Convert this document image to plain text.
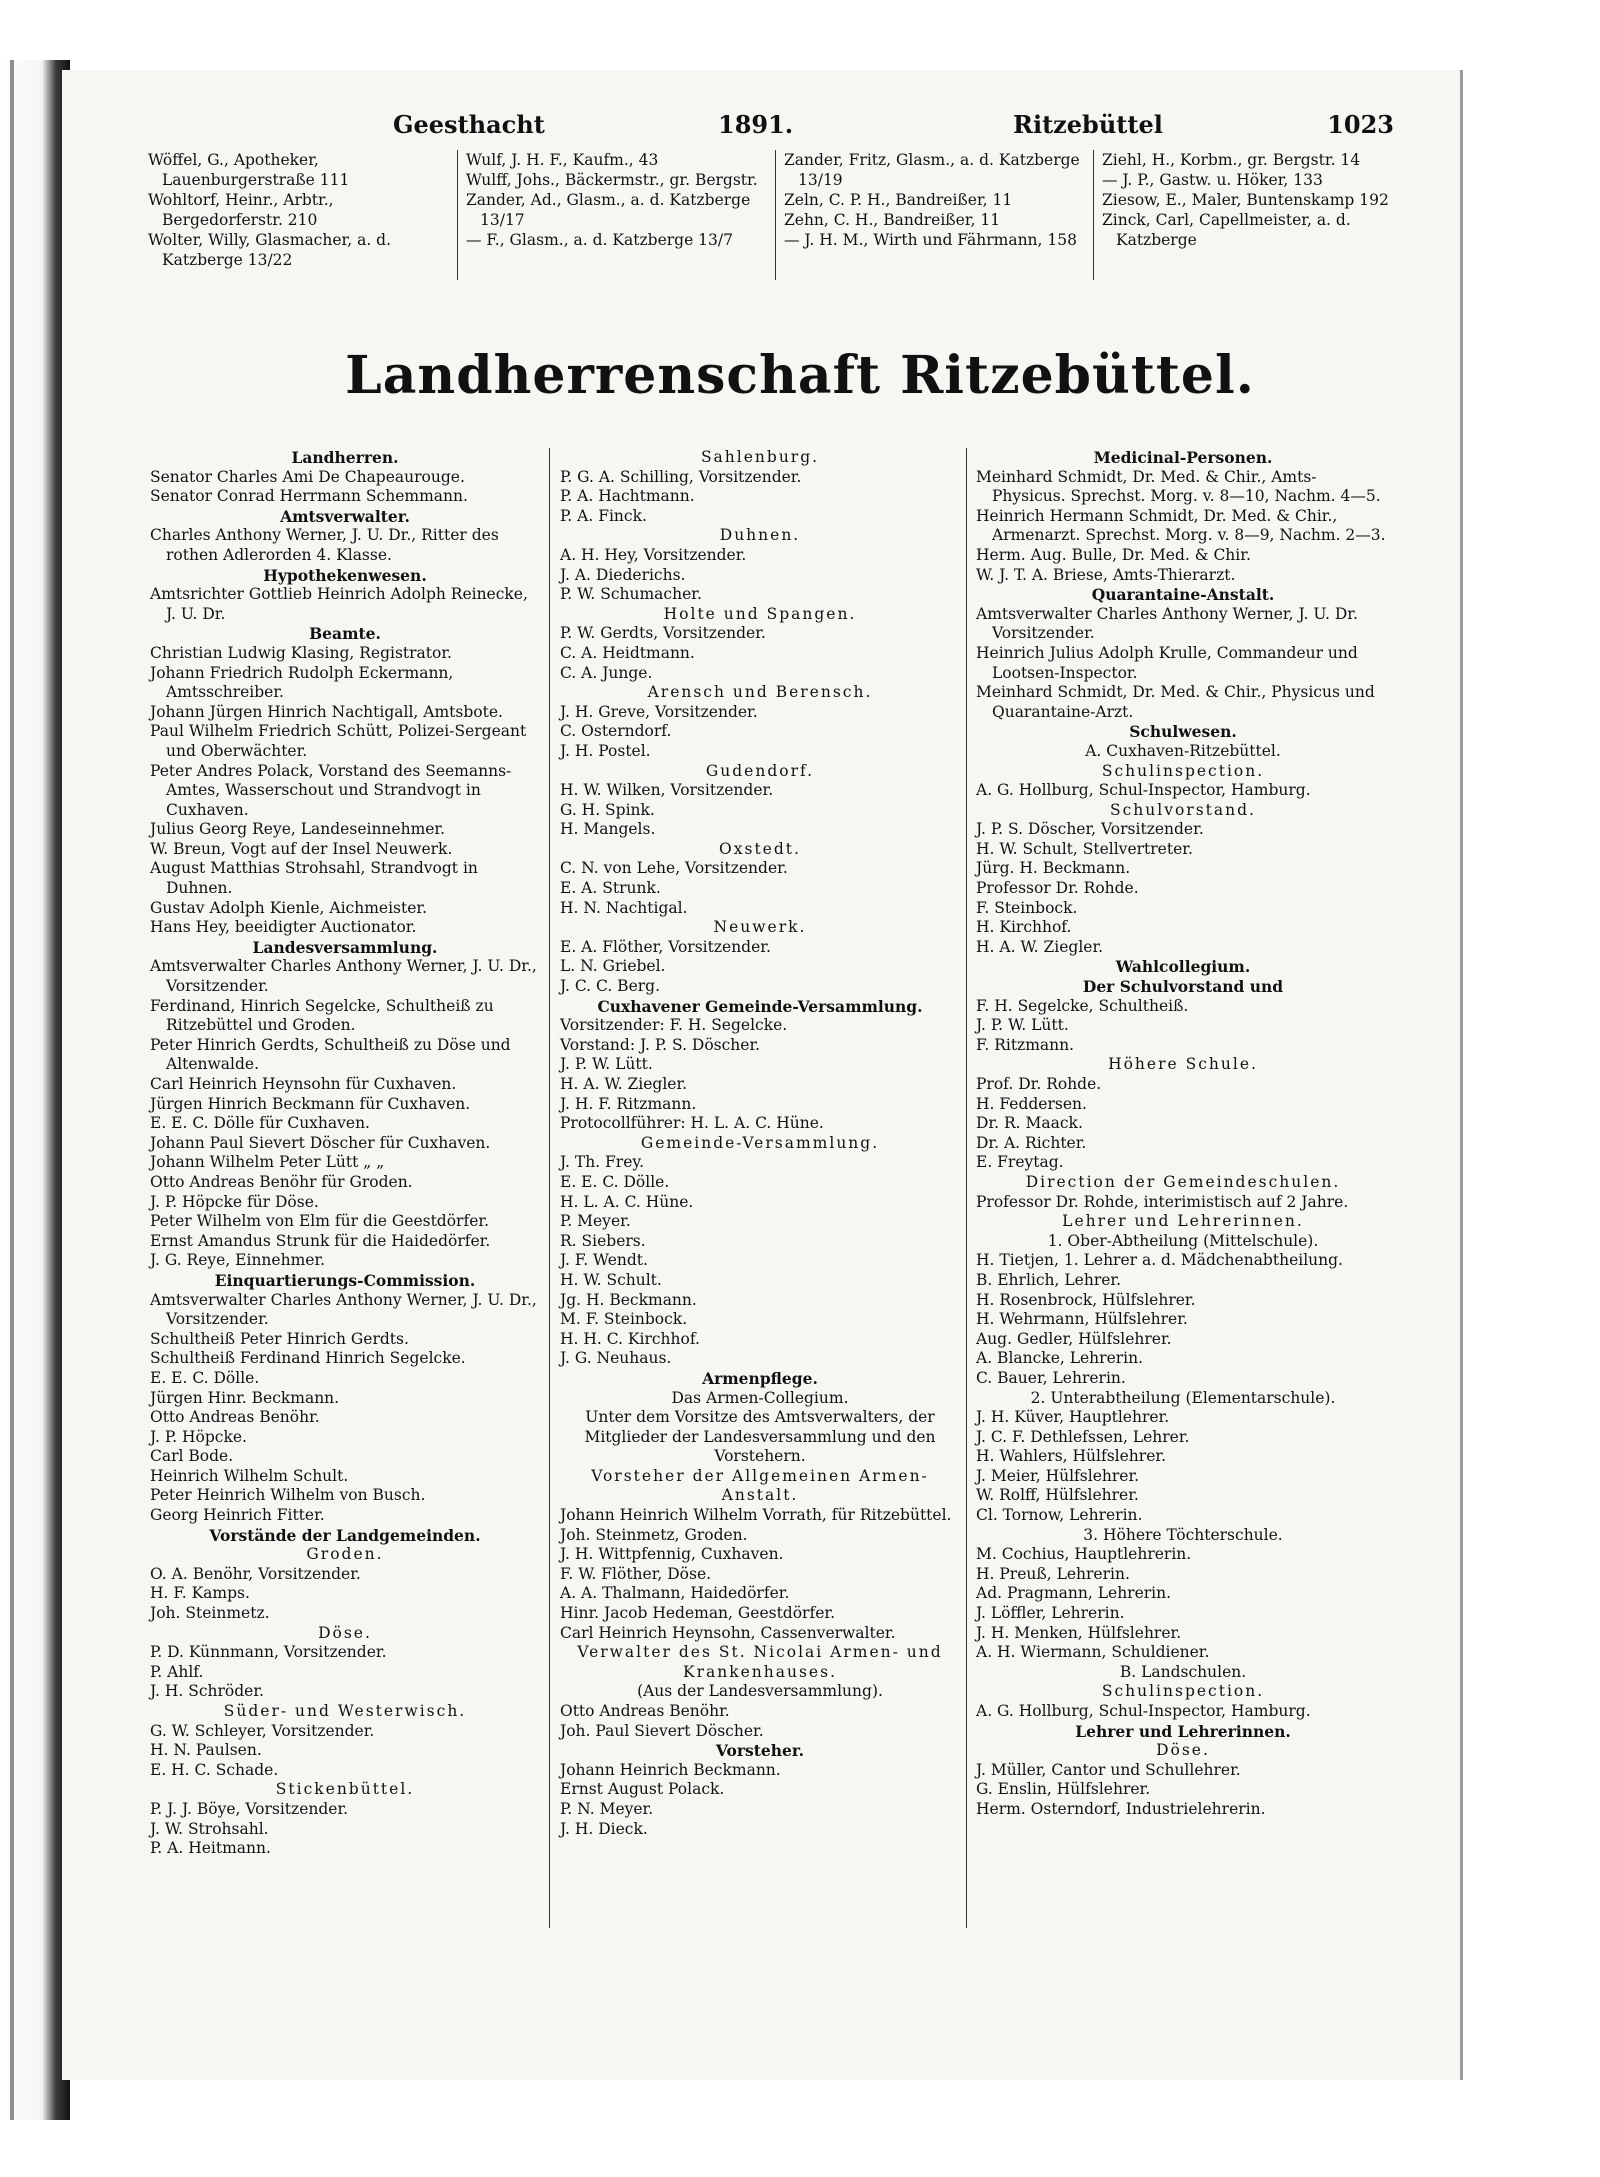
Geesthacht	1891.	Ritzebüttel	1023

Wöffel, G., Apotheker, Lauenburgerstraße 111

Wohltorf, Heinr., Arbtr., Bergedorferstr. 210

Wolter, Willy, Glasmacher, a. d. Katzberge 13/22

Wulf, J. H. F., Kaufm., 43

Wulff, Johs., Bäckermstr., gr. Bergstr.

Zander, Ad., Glasm., a. d. Katzberge 13/17

— F., Glasm., a. d. Katzberge 13/7

Zander, Fritz, Glasm., a. d. Katzberge 13/19

Zeln, C. P. H., Bandreißer, 11

Zehn, C. H., Bandreißer, 11

— J. H. M., Wirth und Fährmann, 158

Ziehl, H., Korbm., gr. Bergstr. 14

— J. P., Gastw. u. Höker, 133

Ziesow, E., Maler, Buntenskamp 192

Zinck, Carl, Capellmeister, a. d. Katzberge

Landherrenschaft Ritzebüttel.

Landherren.

Senator Charles Ami De Chapeaurouge.

Senator Conrad Herrmann Schemmann.

Amtsverwalter.

Charles Anthony Werner, J. U. Dr., Ritter des rothen Adlerorden 4. Klasse.

Hypothekenwesen.

Amtsrichter Gottlieb Heinrich Adolph Reinecke, J. U. Dr.

Beamte.

Christian Ludwig Klasing, Registrator.

Johann Friedrich Rudolph Eckermann, Amtsschreiber.

Johann Jürgen Hinrich Nachtigall, Amtsbote.

Paul Wilhelm Friedrich Schütt, Polizei-Sergeant und Oberwächter.

Peter Andres Polack, Vorstand des Seemanns-Amtes, Wasserschout und Strandvogt in Cuxhaven.

Julius Georg Reye, Landeseinnehmer.

W. Breun, Vogt auf der Insel Neuwerk.

August Matthias Strohsahl, Strandvogt in Duhnen.

Gustav Adolph Kienle, Aichmeister.

Hans Hey, beeidigter Auctionator.

Landesversammlung.

Amtsverwalter Charles Anthony Werner, J. U. Dr., Vorsitzender.

Ferdinand, Hinrich Segelcke, Schultheiß zu Ritzebüttel und Groden.

Peter Hinrich Gerdts, Schultheiß zu Döse und Altenwalde.

Carl Heinrich Heynsohn für Cuxhaven.

Jürgen Hinrich Beckmann für Cuxhaven.

E. E. C. Dölle für Cuxhaven.

Johann Paul Sievert Döscher für Cuxhaven.

Johann Wilhelm Peter Lütt „ „

Otto Andreas Benöhr für Groden.

J. P. Höpcke für Döse.

Peter Wilhelm von Elm für die Geestdörfer.

Ernst Amandus Strunk für die Haidedörfer.

J. G. Reye, Einnehmer.

Einquartierungs-Commission.

Amtsverwalter Charles Anthony Werner, J. U. Dr., Vorsitzender.

Schultheiß Peter Hinrich Gerdts.

Schultheiß Ferdinand Hinrich Segelcke.

E. E. C. Dölle.

Jürgen Hinr. Beckmann.

Otto Andreas Benöhr.

J. P. Höpcke.

Carl Bode.

Heinrich Wilhelm Schult.

Peter Heinrich Wilhelm von Busch.

Georg Heinrich Fitter.

Vorstände der Landgemeinden.

Groden.

O. A. Benöhr, Vorsitzender.

H. F. Kamps.

Joh. Steinmetz.

Döse.

P. D. Künnmann, Vorsitzender.

P. Ahlf.

J. H. Schröder.

Süder- und Westerwisch.

G. W. Schleyer, Vorsitzender.

H. N. Paulsen.

E. H. C. Schade.

Stickenbüttel.

P. J. J. Böye, Vorsitzender.

J. W. Strohsahl.

P. A. Heitmann.

Sahlenburg.

P. G. A. Schilling, Vorsitzender.

P. A. Hachtmann.

P. A. Finck.

Duhnen.

A. H. Hey, Vorsitzender.

J. A. Diederichs.

P. W. Schumacher.

Holte und Spangen.

P. W. Gerdts, Vorsitzender.

C. A. Heidtmann.

C. A. Junge.

Arensch und Berensch.

J. H. Greve, Vorsitzender.

C. Osterndorf.

J. H. Postel.

Gudendorf.

H. W. Wilken, Vorsitzender.

G. H. Spink.

H. Mangels.

Oxstedt.

C. N. von Lehe, Vorsitzender.

E. A. Strunk.

H. N. Nachtigal.

Neuwerk.

E. A. Flöther, Vorsitzender.

L. N. Griebel.

J. C. C. Berg.

Cuxhavener Gemeinde-Versammlung.

Vorsitzender: F. H. Segelcke.

Vorstand: J. P. S. Döscher.

J. P. W. Lütt.

H. A. W. Ziegler.

J. H. F. Ritzmann.

Protocollführer: H. L. A. C. Hüne.

Gemeinde-Versammlung.

J. Th. Frey.

E. E. C. Dölle.

H. L. A. C. Hüne.

P. Meyer.

R. Siebers.

J. F. Wendt.

H. W. Schult.

Jg. H. Beckmann.

M. F. Steinbock.

H. H. C. Kirchhof.

J. G. Neuhaus.

Armenpflege.

Das Armen-Collegium.

Unter dem Vorsitze des Amtsverwalters, der Mitglieder der Landesversammlung und den Vorstehern.

Vorsteher der Allgemeinen Armen-Anstalt.

Johann Heinrich Wilhelm Vorrath, für Ritzebüttel.

Joh. Steinmetz, Groden.

J. H. Wittpfennig, Cuxhaven.

F. W. Flöther, Döse.

A. A. Thalmann, Haidedörfer.

Hinr. Jacob Hedeman, Geestdörfer.

Carl Heinrich Heynsohn, Cassenverwalter.

Verwalter des St. Nicolai Armen- und Krankenhauses.

(Aus der Landesversammlung).

Otto Andreas Benöhr.

Joh. Paul Sievert Döscher.

Vorsteher.

Johann Heinrich Beckmann.

Ernst August Polack.

P. N. Meyer.

J. H. Dieck.

Medicinal-Personen.

Meinhard Schmidt, Dr. Med. & Chir., Amts-Physicus. Sprechst. Morg. v. 8—10, Nachm. 4—5.

Heinrich Hermann Schmidt, Dr. Med. & Chir., Armenarzt. Sprechst. Morg. v. 8—9, Nachm. 2—3.

Herm. Aug. Bulle, Dr. Med. & Chir.

W. J. T. A. Briese, Amts-Thierarzt.

Quarantaine-Anstalt.

Amtsverwalter Charles Anthony Werner, J. U. Dr. Vorsitzender.

Heinrich Julius Adolph Krulle, Commandeur und Lootsen-Inspector.

Meinhard Schmidt, Dr. Med. & Chir., Physicus und Quarantaine-Arzt.

Schulwesen.

A. Cuxhaven-Ritzebüttel.

Schulinspection.

A. G. Hollburg, Schul-Inspector, Hamburg.

Schulvorstand.

J. P. S. Döscher, Vorsitzender.

H. W. Schult, Stellvertreter.

Jürg. H. Beckmann.

Professor Dr. Rohde.

F. Steinbock.

H. Kirchhof.

H. A. W. Ziegler.

Wahlcollegium.

Der Schulvorstand und

F. H. Segelcke, Schultheiß.

J. P. W. Lütt.

F. Ritzmann.

Höhere Schule.

Prof. Dr. Rohde.

H. Feddersen.

Dr. R. Maack.

Dr. A. Richter.

E. Freytag.

Direction der Gemeindeschulen.

Professor Dr. Rohde, interimistisch auf 2 Jahre.

Lehrer und Lehrerinnen.

1. Ober-Abtheilung (Mittelschule).

H. Tietjen, 1. Lehrer a. d. Mädchenabtheilung.

B. Ehrlich, Lehrer.

H. Rosenbrock, Hülfslehrer.

H. Wehrmann, Hülfslehrer.

Aug. Gedler, Hülfslehrer.

A. Blancke, Lehrerin.

C. Bauer, Lehrerin.

2. Unterabtheilung (Elementarschule).

J. H. Küver, Hauptlehrer.

J. C. F. Dethlefssen, Lehrer.

H. Wahlers, Hülfslehrer.

J. Meier, Hülfslehrer.

W. Rolff, Hülfslehrer.

Cl. Tornow, Lehrerin.

3. Höhere Töchterschule.

M. Cochius, Hauptlehrerin.

H. Preuß, Lehrerin.

Ad. Pragmann, Lehrerin.

J. Löffler, Lehrerin.

J. H. Menken, Hülfslehrer.

A. H. Wiermann, Schuldiener.

B. Landschulen.

Schulinspection.

A. G. Hollburg, Schul-Inspector, Hamburg.

Lehrer und Lehrerinnen.

Döse.

J. Müller, Cantor und Schullehrer.

G. Enslin, Hülfslehrer.

Herm. Osterndorf, Industrielehrerin.
